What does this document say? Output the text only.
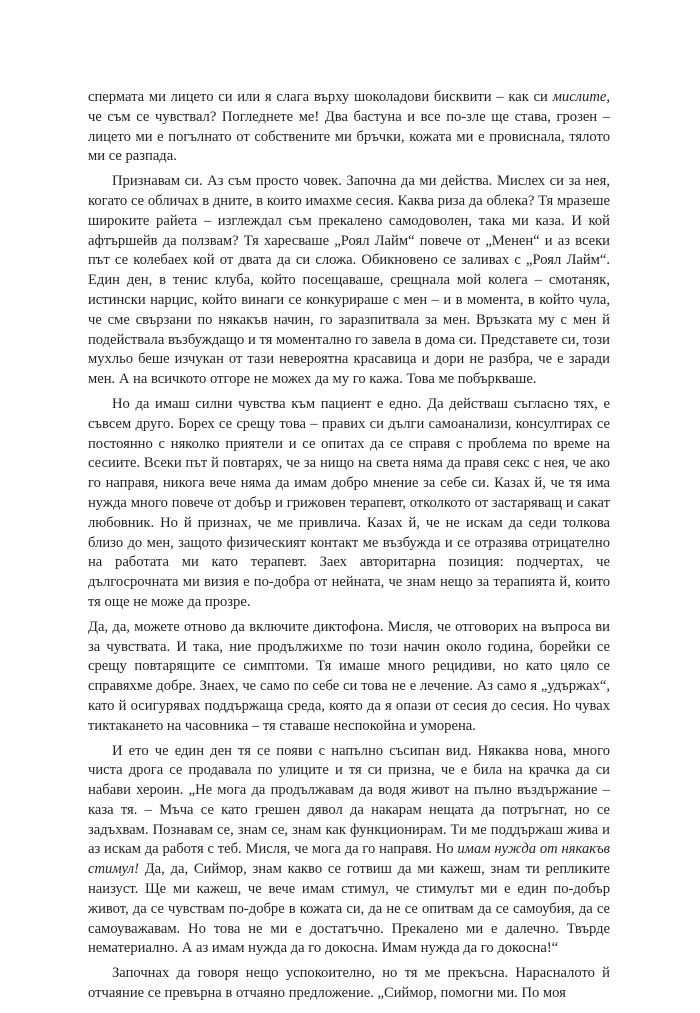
спермата ми лицето си или я слага върху шоколадови бисквити – как си мислите, че съм се чувствал? Погледнете ме! Два бастуна и все по-зле ще става, грозен – лицето ми е погълнато от собствените ми бръчки, кожата ми е провиснала, тялото ми се разпада.

Признавам си. Аз съм просто човек. Започна да ми действа. Мислех си за нея, когато се обличах в дните, в които имахме сесия. Каква риза да облека? Тя мразеше широките райета – изглеждал съм прекалено самодоволен, така ми каза. И кой афтършейв да ползвам? Тя харесваше „Роял Лайм“ повече от „Менен“ и аз всеки път се колебаех кой от двата да си сложа. Обикновено се заливах с „Роял Лайм“. Един ден, в тенис клуба, който посещаваше, срещнала мой колега – смотаняк, истински нарцис, който винаги се конкурираше с мен – и в момента, в който чула, че сме свързани по някакъв начин, го заразпитвала за мен. Връзката му с мен й подействала възбуждащо и тя моментално го завела в дома си. Представете си, този мухльо беше изчукан от тази невероятна красавица и дори не разбра, че е заради мен. А на всичкото отгоре не можех да му го кажа. Това ме побъркваше.

Но да имаш силни чувства към пациент е едно. Да действаш съгласно тях, е съвсем друго. Борех се срещу това – правих си дълги самоанализи, консултирах се постоянно с няколко приятели и се опитах да се справя с проблема по време на сесиите. Всеки път й повтарях, че за нищо на света няма да правя секс с нея, че ако го направя, никога вече няма да имам добро мнение за себе си. Казах й, че тя има нужда много повече от добър и грижовен терапевт, отколкото от застаряващ и сакат любовник. Но й признах, че ме привлича. Казах й, че не искам да седи толкова близо до мен, защото физическият контакт ме възбужда и се отразява отрицателно на работата ми като терапевт. Заех авторитарна позиция: подчертах, че дългосрочната ми визия е по-добра от нейната, че знам нещо за терапията й, които тя още не може да прозре.

Да, да, можете отново да включите диктофона. Мисля, че отговорих на въпроса ви за чувствата. И така, ние продължихме по този начин около година, борейки се срещу повтарящите се симптоми. Тя имаше много рецидиви, но като цяло се справяхме добре. Знаех, че само по себе си това не е лечение. Аз само я „удържах“, като й осигурявах поддържаща среда, която да я опази от сесия до сесия. Но чувах тиктакането на часовника – тя ставаше неспокойна и уморена.

И ето че един ден тя се появи с напълно съсипан вид. Някаква нова, много чиста дрога се продавала по улиците и тя си призна, че е била на крачка да си набави хероин. „Не мога да продължавам да водя живот на пълно въздържание – каза тя. – Мъча се като грешен дявол да накарам нещата да потръгнат, но се задъхвам. Познавам се, знам се, знам как функционирам. Ти ме поддържаш жива и аз искам да работя с теб. Мисля, че мога да го направя. Но имам нужда от някакъв стимул! Да, да, Сиймор, знам какво се готвиш да ми кажеш, знам ти репликите наизуст. Ще ми кажеш, че вече имам стимул, че стимулът ми е един по-добър живот, да се чувствам по-добре в кожата си, да не се опитвам да се самоубия, да се самоуважавам. Но това не ми е достатъчно. Прекалено ми е далечно. Твърде нематериално. А аз имам нужда да го докосна. Имам нужда да го докосна!“

Започнах да говоря нещо успокоително, но тя ме прекъсна. Нарасналото й отчаяние се превърна в отчаяно предложение. „Сиймор, помогни ми. По моя
